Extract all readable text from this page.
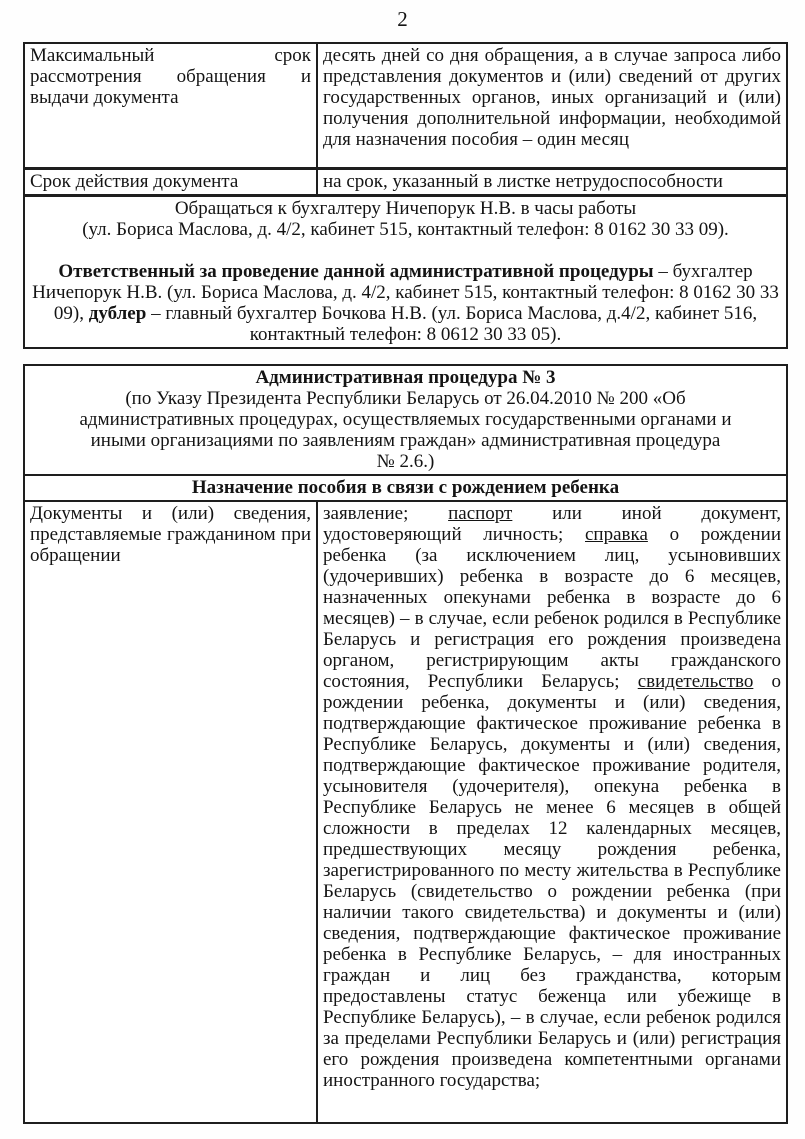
2
Максимальный срок рассмотрения обращения и выдачи документа	десять дней со дня обращения, а в случае запроса либо представления документов и (или) сведений от других государственных органов, иных организаций и (или) получения дополнительной информации, необходимой для назначения пособия – один месяц
Срок действия документа	на срок, указанный в листке нетрудоспособности

Обращаться к бухгалтеру Ничепорук Н.В. в часы работы
(ул. Бориса Маслова, д. 4/2, кабинет 515, контактный телефон: 8 0162 30 33 09).
Ответственный за проведение данной административной процедуры – бухгалтер Ничепорук Н.В. (ул. Бориса Маслова, д. 4/2, кабинет 515, контактный телефон: 8 0162 30 33 09), дублер – главный бухгалтер Бочкова Н.В. (ул. Бориса Маслова, д.4/2, кабинет 516, контактный телефон: 8 0612 30 33 05).	
Административная процедура № 3
(по Указу Президента Республики Беларусь от 26.04.2010 № 200 «Об
административных процедурах, осуществляемых государственными органами и
иными организациями по заявлениям граждан» административная процедура
№ 2.6.)

Назначение пособия в связи с рождением ребенка
Документы и (или) сведения, представляемые гражданином при обращении	заявление; паспорт или иной документ, удостоверяющий личность; справка о рождении ребенка (за исключением лиц, усыновивших (удочеривших) ребенка в возрасте до 6 месяцев, назначенных опекунами ребенка в возрасте до 6 месяцев) – в случае, если ребенок родился в Республике Беларусь и регистрация его рождения произведена органом, регистрирующим акты гражданского состояния, Республики Беларусь; свидетельство о рождении ребенка, документы и (или) сведения, подтверждающие фактическое проживание ребенка в Республике Беларусь, документы и (или) сведения, подтверждающие фактическое проживание родителя, усыновителя (удочерителя), опекуна ребенка в Республике Беларусь не менее 6 месяцев в общей сложности в пределах 12 календарных месяцев, предшествующих месяцу рождения ребенка, зарегистрированного по месту жительства в Республике Беларусь (свидетельство о рождении ребенка (при наличии такого свидетельства) и документы и (или) сведения, подтверждающие фактическое проживание ребенка в Республике Беларусь, – для иностранных граждан и лиц без гражданства, которым предоставлены статус беженца или убежище в Республике Беларусь), – в случае, если ребенок родился за пределами Республики Беларусь и (или) регистрация его рождения произведена компетентными органами иностранного государства;
